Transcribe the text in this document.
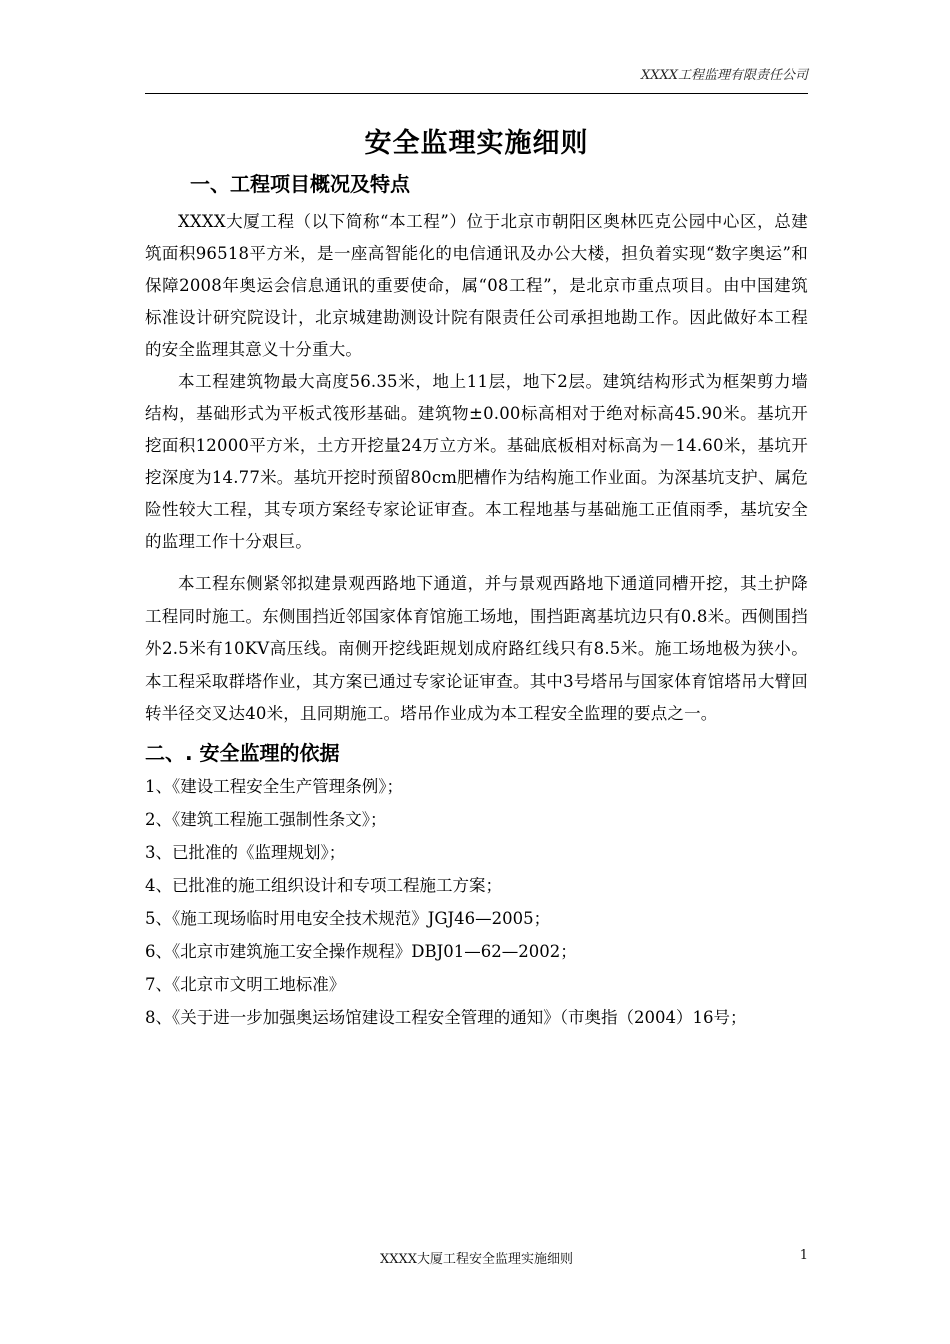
XXXX工程监理有限责任公司
安全监理实施细则
一、工程项目概况及特点

XXXX大厦工程（以下简称“本工程”）位于北京市朝阳区奥林匹克公园中心区，总建筑面积96518平方米，是一座高智能化的电信通讯及办公大楼，担负着实现“数字奥运”和保障2008年奥运会信息通讯的重要使命，属“08工程”，是北京市重点项目。由中国建筑标准设计研究院设计，北京城建勘测设计院有限责任公司承担地勘工作。因此做好本工程的安全监理其意义十分重大。

本工程建筑物最大高度56.35米，地上11层，地下2层。建筑结构形式为框架剪力墙结构，基础形式为平板式筏形基础。建筑物±0.00标高相对于绝对标高45.90米。基坑开挖面积12000平方米，土方开挖量24万立方米。基础底板相对标高为－14.60米，基坑开挖深度为14.77米。基坑开挖时预留80cm肥槽作为结构施工作业面。为深基坑支护、属危险性较大工程，其专项方案经专家论证审查。本工程地基与基础施工正值雨季，基坑安全的监理工作十分艰巨。

本工程东侧紧邻拟建景观西路地下通道，并与景观西路地下通道同槽开挖，其土护降工程同时施工。东侧围挡近邻国家体育馆施工场地，围挡距离基坑边只有0.8米。西侧围挡外2.5米有10KV高压线。南侧开挖线距规划成府路红线只有8.5米。施工场地极为狭小。本工程采取群塔作业，其方案已通过专家论证审查。其中3号塔吊与国家体育馆塔吊大臂回转半径交叉达40米，且同期施工。塔吊作业成为本工程安全监理的要点之一。

二、. 安全监理的依据

1、《建设工程安全生产管理条例》；

2、《建筑工程施工强制性条文》；

3、已批准的《监理规划》；

4、已批准的施工组织设计和专项工程施工方案；

5、《施工现场临时用电安全技术规范》JGJ46—2005；

6、《北京市建筑施工安全操作规程》DBJ01—62—2002；

7、《北京市文明工地标准》

8、《关于进一步加强奥运场馆建设工程安全管理的通知》（市奥指（2004）16号；

XXXX大厦工程安全监理实施细则	1
